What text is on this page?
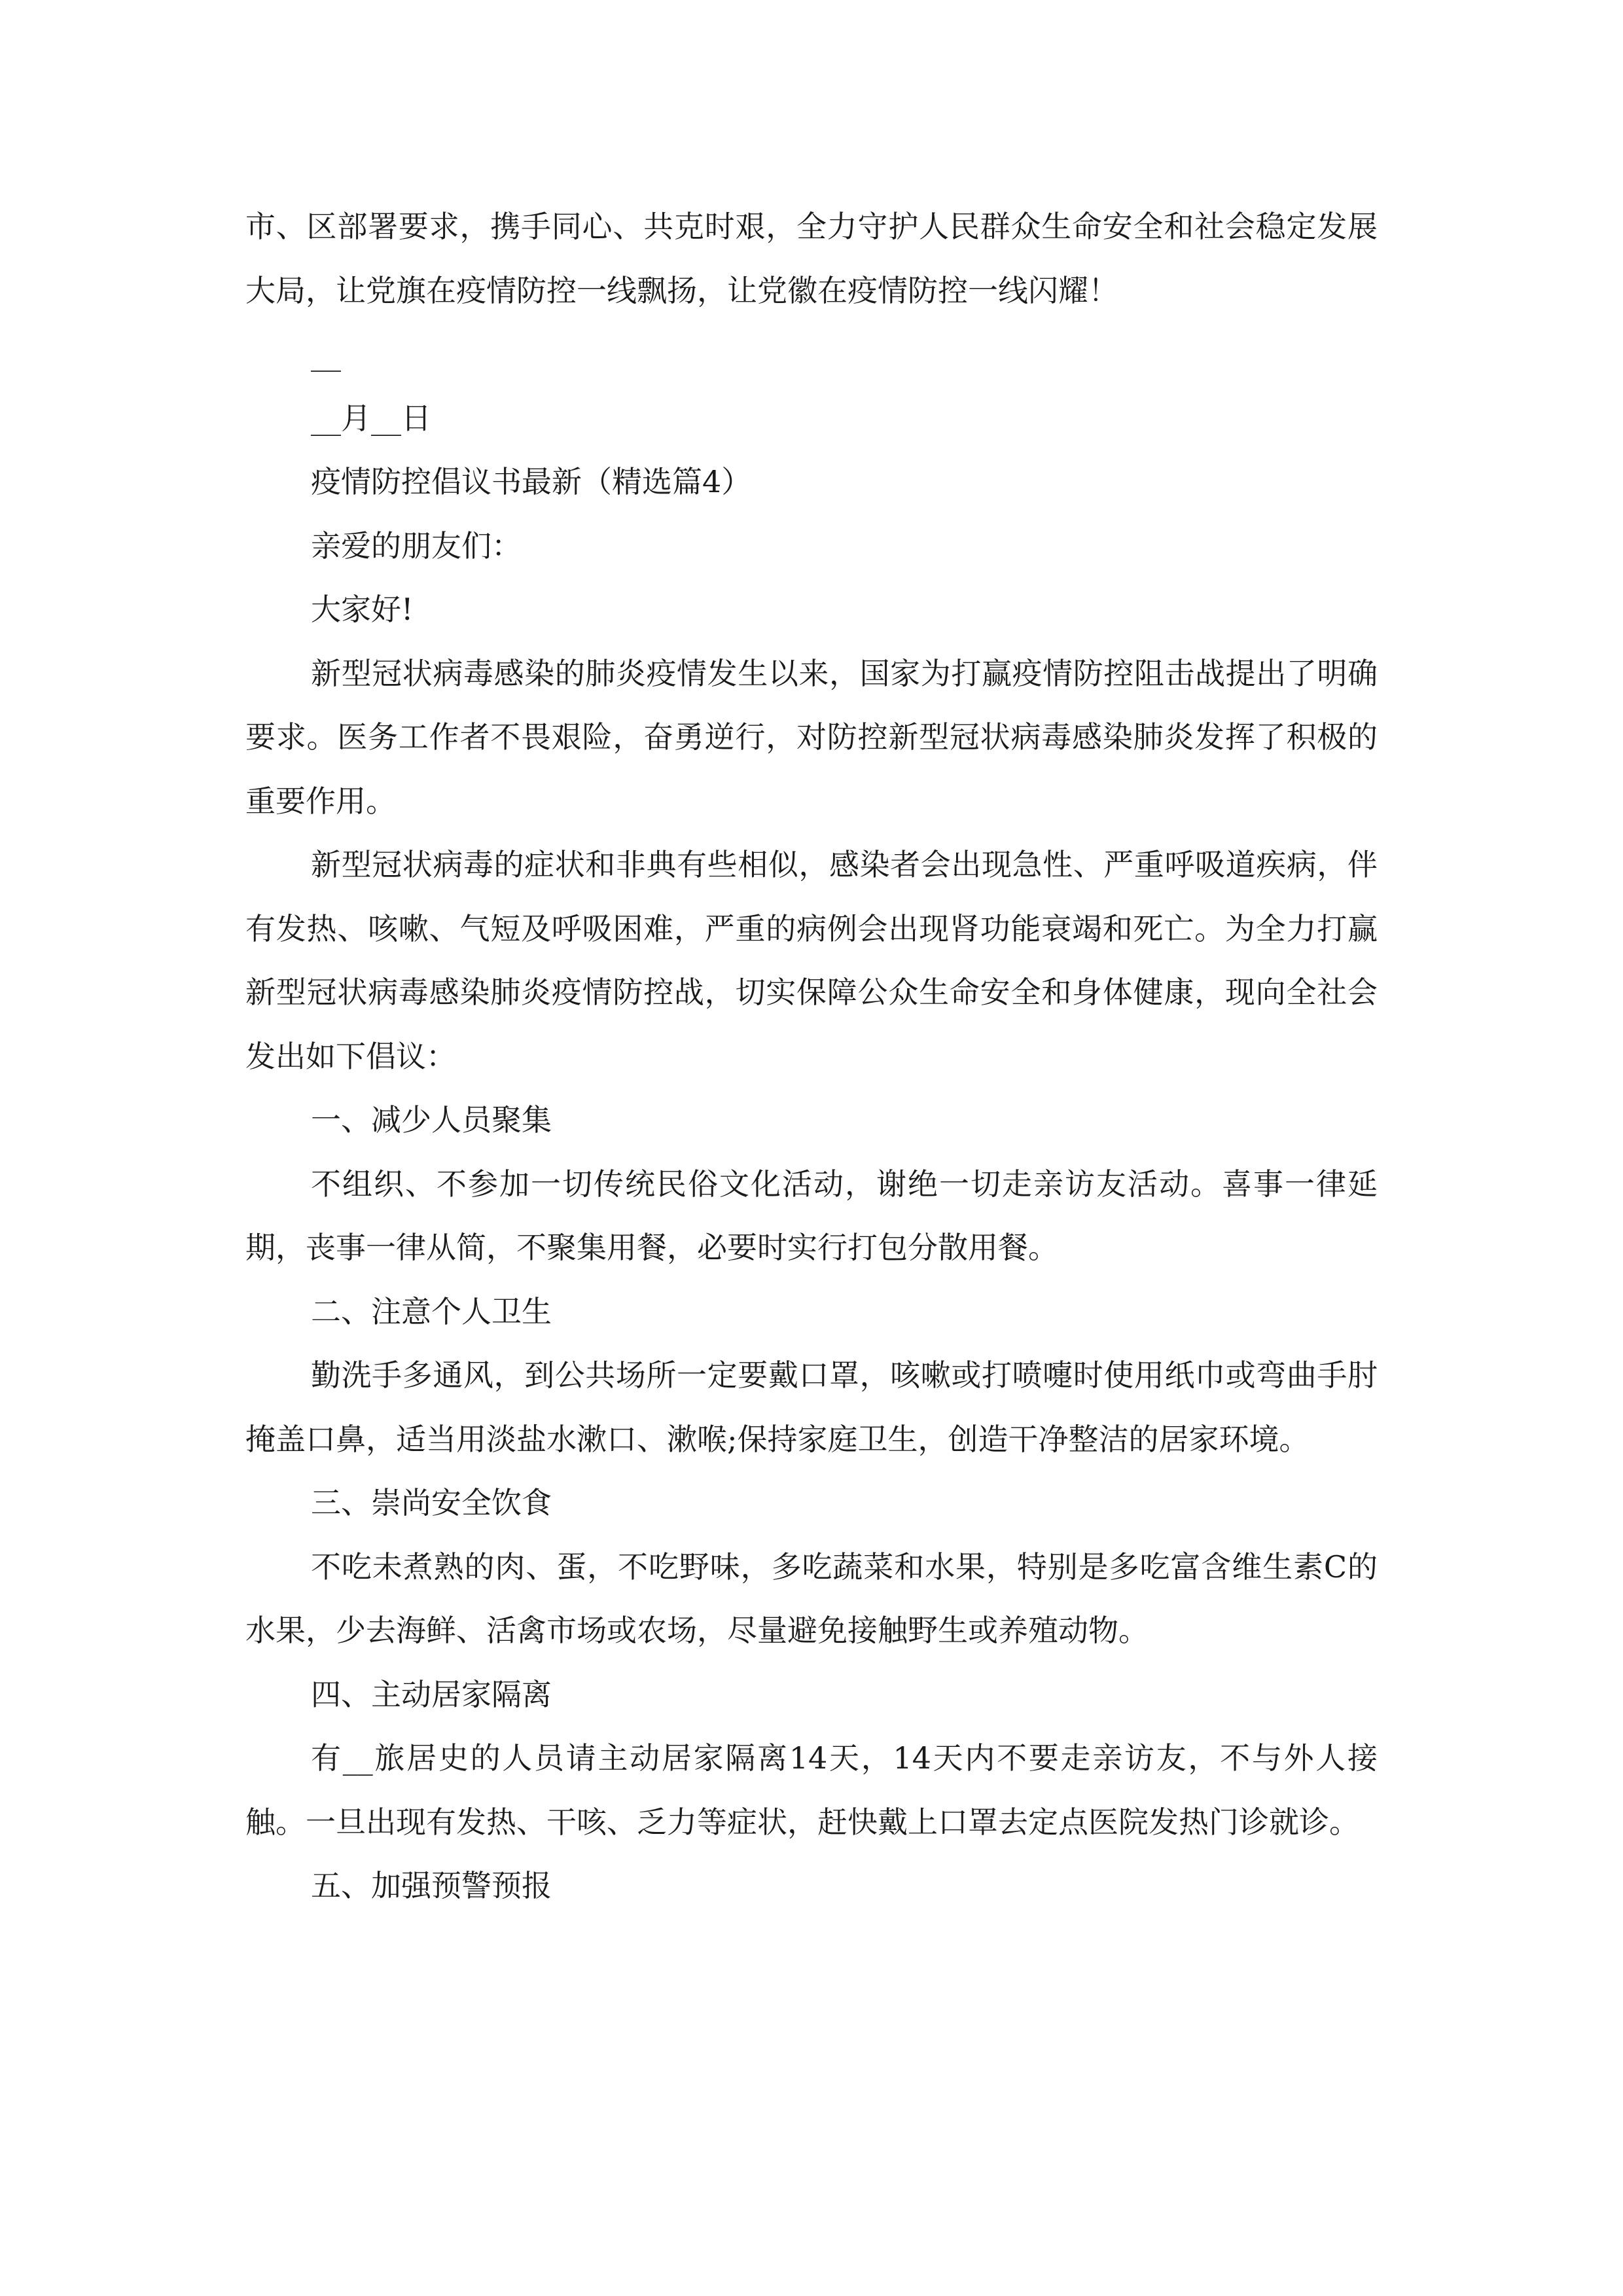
市、区部署要求，携手同心、共克时艰，全力守护人民群众生命安全和社会稳定发展大局，让党旗在疫情防控一线飘扬，让党徽在疫情防控一线闪耀！

__

__月__日

疫情防控倡议书最新（精选篇4）

亲爱的朋友们：

大家好!

新型冠状病毒感染的肺炎疫情发生以来，国家为打赢疫情防控阻击战提出了明确要求。医务工作者不畏艰险，奋勇逆行，对防控新型冠状病毒感染肺炎发挥了积极的重要作用。

新型冠状病毒的症状和非典有些相似，感染者会出现急性、严重呼吸道疾病，伴有发热、咳嗽、气短及呼吸困难，严重的病例会出现肾功能衰竭和死亡。为全力打赢新型冠状病毒感染肺炎疫情防控战，切实保障公众生命安全和身体健康，现向全社会发出如下倡议：

一、减少人员聚集

不组织、不参加一切传统民俗文化活动，谢绝一切走亲访友活动。喜事一律延期，丧事一律从简，不聚集用餐，必要时实行打包分散用餐。

二、注意个人卫生

勤洗手多通风，到公共场所一定要戴口罩，咳嗽或打喷嚏时使用纸巾或弯曲手肘掩盖口鼻，适当用淡盐水漱口、漱喉;保持家庭卫生，创造干净整洁的居家环境。

三、崇尚安全饮食

不吃未煮熟的肉、蛋，不吃野味，多吃蔬菜和水果，特别是多吃富含维生素C的水果，少去海鲜、活禽市场或农场，尽量避免接触野生或养殖动物。

四、主动居家隔离

有__旅居史的人员请主动居家隔离14天，14天内不要走亲访友，不与外人接触。一旦出现有发热、干咳、乏力等症状，赶快戴上口罩去定点医院发热门诊就诊。

五、加强预警预报
